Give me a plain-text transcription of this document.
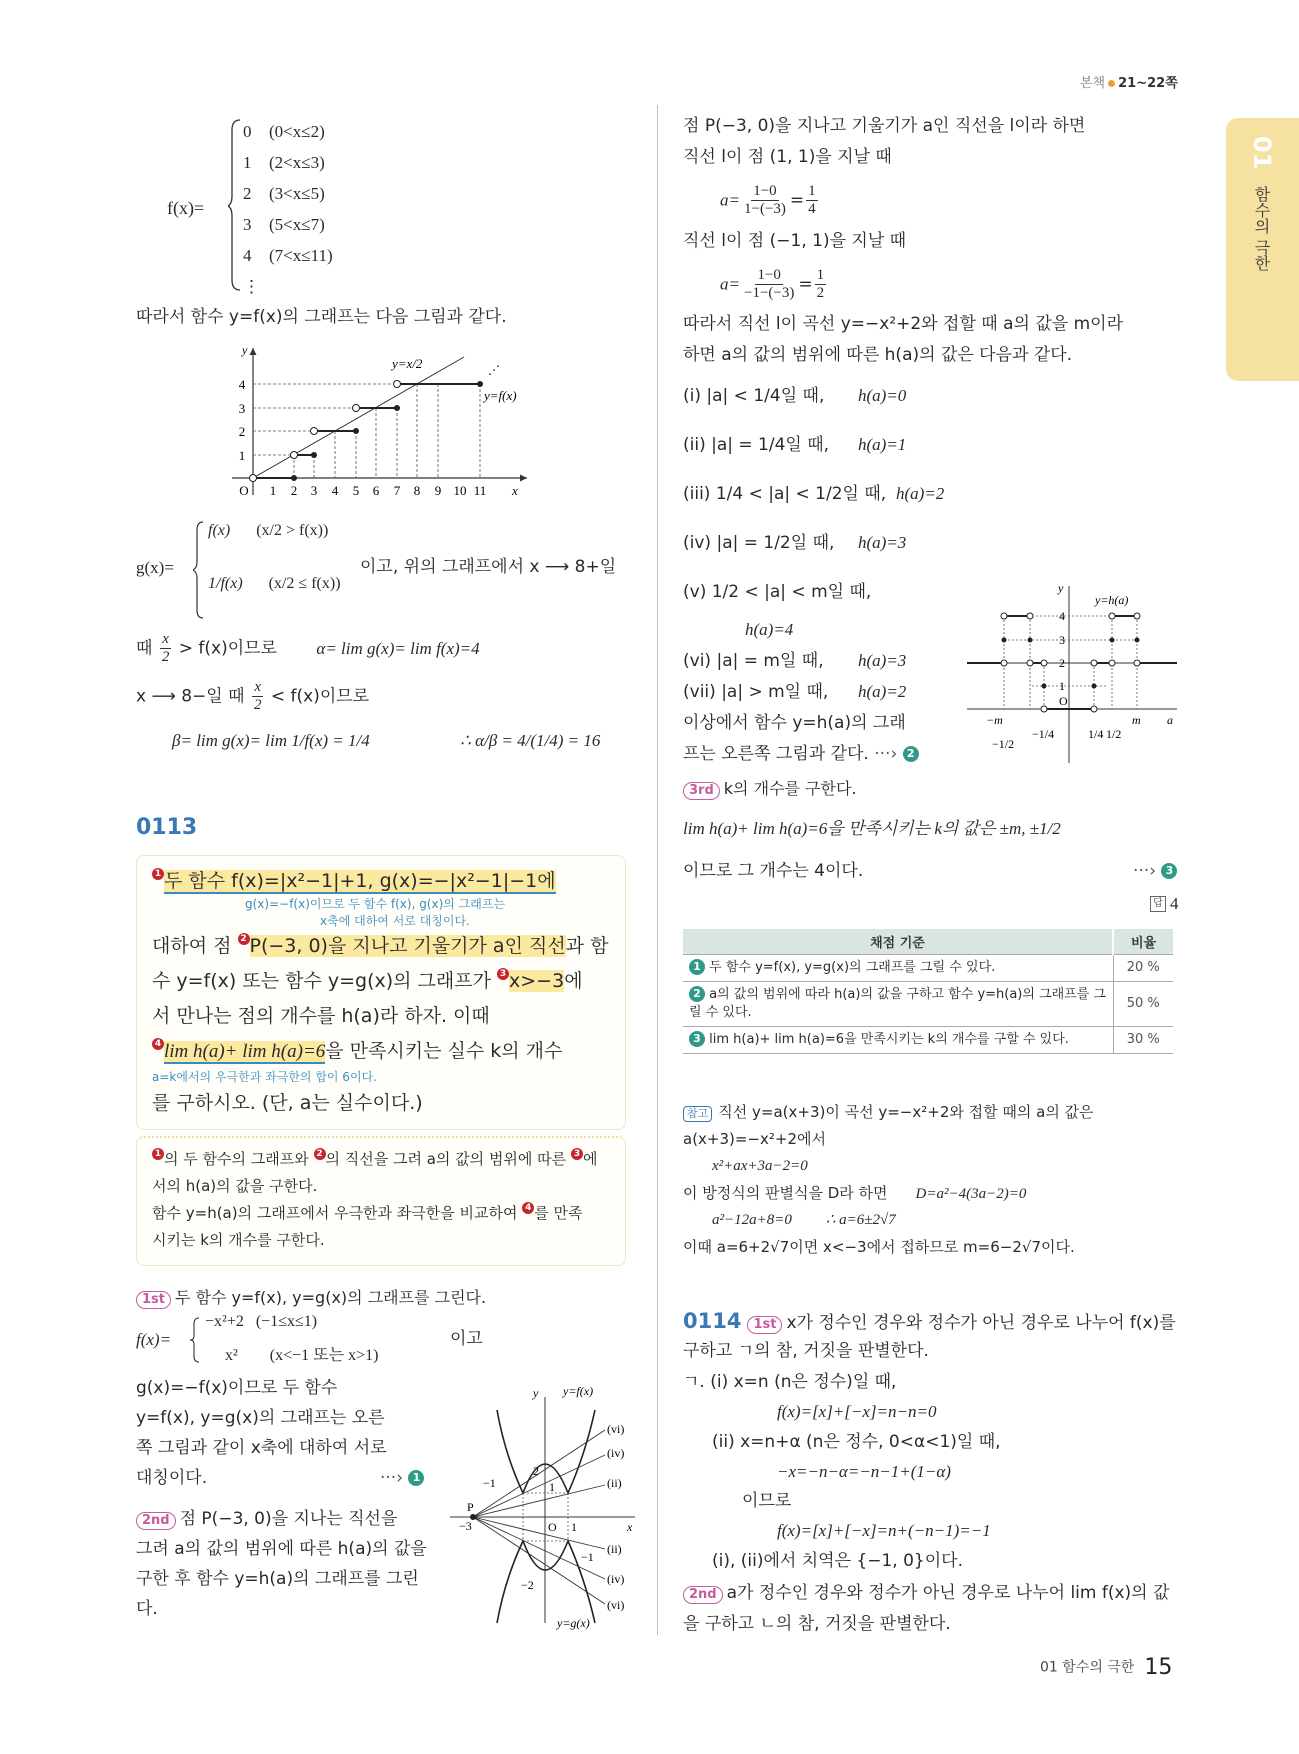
본책 21~22쪽
01
함수의 극한
f(x)=
0 (0<x≤2)
1 (2<x≤3)
2 (3<x≤5)
3 (5<x≤7)
4 (7<x≤11)
⋮
따라서 함수 y=f(x)의 그래프는 다음 그림과 같다.
y
x
O 1 2 3 4 5 6 7 8 9 10 11
1
2
3
4
y=x/2
y=f(x)
⋰
g(x)=
f(x) (x/2 > f(x))
1/f(x) (x/2 ≤ f(x))
이고, 위의 그래프에서 x ⟶ 8+일
때 $\frac{x}{2} > f(x)$이므로 α= lim g(x)= lim f(x)=4
x ⟶ 8−일 때 $\frac{x}{2} < f(x)$이므로
β= lim g(x)= lim 1/f(x) = 1/4	∴ α/β = 4/(1/4) = 16
0113
1 두 함수 f(x)=|x²−1|+1, g(x)=−|x²−1|−1에
g(x)=−f(x)이므로 두 함수 f(x), g(x)의 그래프는
x축에 대하여 서로 대칭이다.
대하여 점 2 P(−3, 0)을 지나고 기울기가 a인 직선과 함
수 y=f(x) 또는 함수 y=g(x)의 그래프가 3 x>−3에
서 만나는 점의 개수를 h(a)라 하자. 이때
4 lim h(a)+ lim h(a)=6을 만족시키는 실수 k의 개수
a=k에서의 우극한과 좌극한의 합이 6이다.
를 구하시오. (단, a는 실수이다.)
1 의 두 함수의 그래프와 2 의 직선을 그려 a의 값의 범위에 따른 3 에
서의 h(a)의 값을 구한다.
함수 y=h(a)의 그래프에서 우극한과 좌극한을 비교하여 4 를 만족
시키는 k의 개수를 구한다.
1st 두 함수 y=f(x), y=g(x)의 그래프를 그린다.
f(x)=
−x²+2   (−1≤x≤1)
x²        (x<−1 또는 x>1)
이고
g(x)=−f(x)이므로 두 함수
y=f(x), y=g(x)의 그래프는 오른
쪽 그림과 같이 x축에 대하여 서로
대칭이다.	···› 1
2nd 점 P(−3, 0)을 지나는 직선을
그려 a의 값의 범위에 따른 h(a)의 값을
구한 후 함수 y=h(a)의 그래프를 그린
다.
y=f(x)
y=g(x)
(vi)
(iv)
(ii)
(ii)
(iv)
(vi)
P
−3	O 1
−1
2
1
−1
−2
x
y
점 P(−3, 0)을 지나고 기울기가 a인 직선을 l이라 하면
직선 l이 점 (1, 1)을 지날 때
$a= \frac{1-0}{1-(-3)} = \frac{1}{4}$
직선 l이 점 (−1, 1)을 지날 때
$a= \frac{1-0}{-1-(-3)} = \frac{1}{2}$
따라서 직선 l이 곡선 y=−x²+2와 접할 때 a의 값을 m이라
하면 a의 값의 범위에 따른 h(a)의 값은 다음과 같다.
(i) |a| < 1/4일 때, h(a)=0
(ii) |a| = 1/4일 때, h(a)=1
(iii) 1/4 < |a| < 1/2일 때, h(a)=2
(iv) |a| = 1/2일 때, h(a)=3
(v) 1/2 < |a| < m일 때,
h(a)=4
(vi) |a| = m일 때, h(a)=3
(vii) |a| > m일 때, h(a)=2
이상에서 함수 y=h(a)의 그래
프는 오른쪽 그림과 같다. ···› 2
1
2
3
4
O
−m
−1/2
−1/4	1/4 1/2
m
y=h(a)
a
y
3rd k의 개수를 구한다.
lim h(a)+ lim h(a)=6을 만족시키는 k의 값은 ±m, ±1/2
이므로 그 개수는 4이다.	···› 3
답 4
채점 기준	비율
1 두 함수 y=f(x), y=g(x)의 그래프를 그릴 수 있다.	20 %
2 a의 값의 범위에 따라 h(a)의 값을 구하고 함수 y=h(a)의 그래프를 그릴 수 있다.	50 %
3 lim h(a)+ lim h(a)=6을 만족시키는 k의 개수를 구할 수 있다.	30 %
참고 직선 y=a(x+3)이 곡선 y=−x²+2와 접할 때의 a의 값은
a(x+3)=−x²+2에서
x²+ax+3a−2=0
이 방정식의 판별식을 D라 하면 D=a²−4(3a−2)=0
a²−12a+8=0 ∴ a=6±2√7
이때 a=6+2√7이면 x<−3에서 접하므로 m=6−2√7이다.
0114 1st x가 정수인 경우와 정수가 아닌 경우로 나누어 f(x)를
구하고 ㄱ의 참, 거짓을 판별한다.
ㄱ. (i) x=n (n은 정수)일 때,
f(x)=[x]+[−x]=n−n=0
(ii) x=n+α (n은 정수, 0<α<1)일 때,
−x=−n−α=−n−1+(1−α)
이므로
f(x)=[x]+[−x]=n+(−n−1)=−1
(i), (ii)에서 치역은 {−1, 0}이다.
2nd a가 정수인 경우와 정수가 아닌 경우로 나누어 lim f(x)의 값
을 구하고 ㄴ의 참, 거짓을 판별한다.
01 함수의 극한 15
